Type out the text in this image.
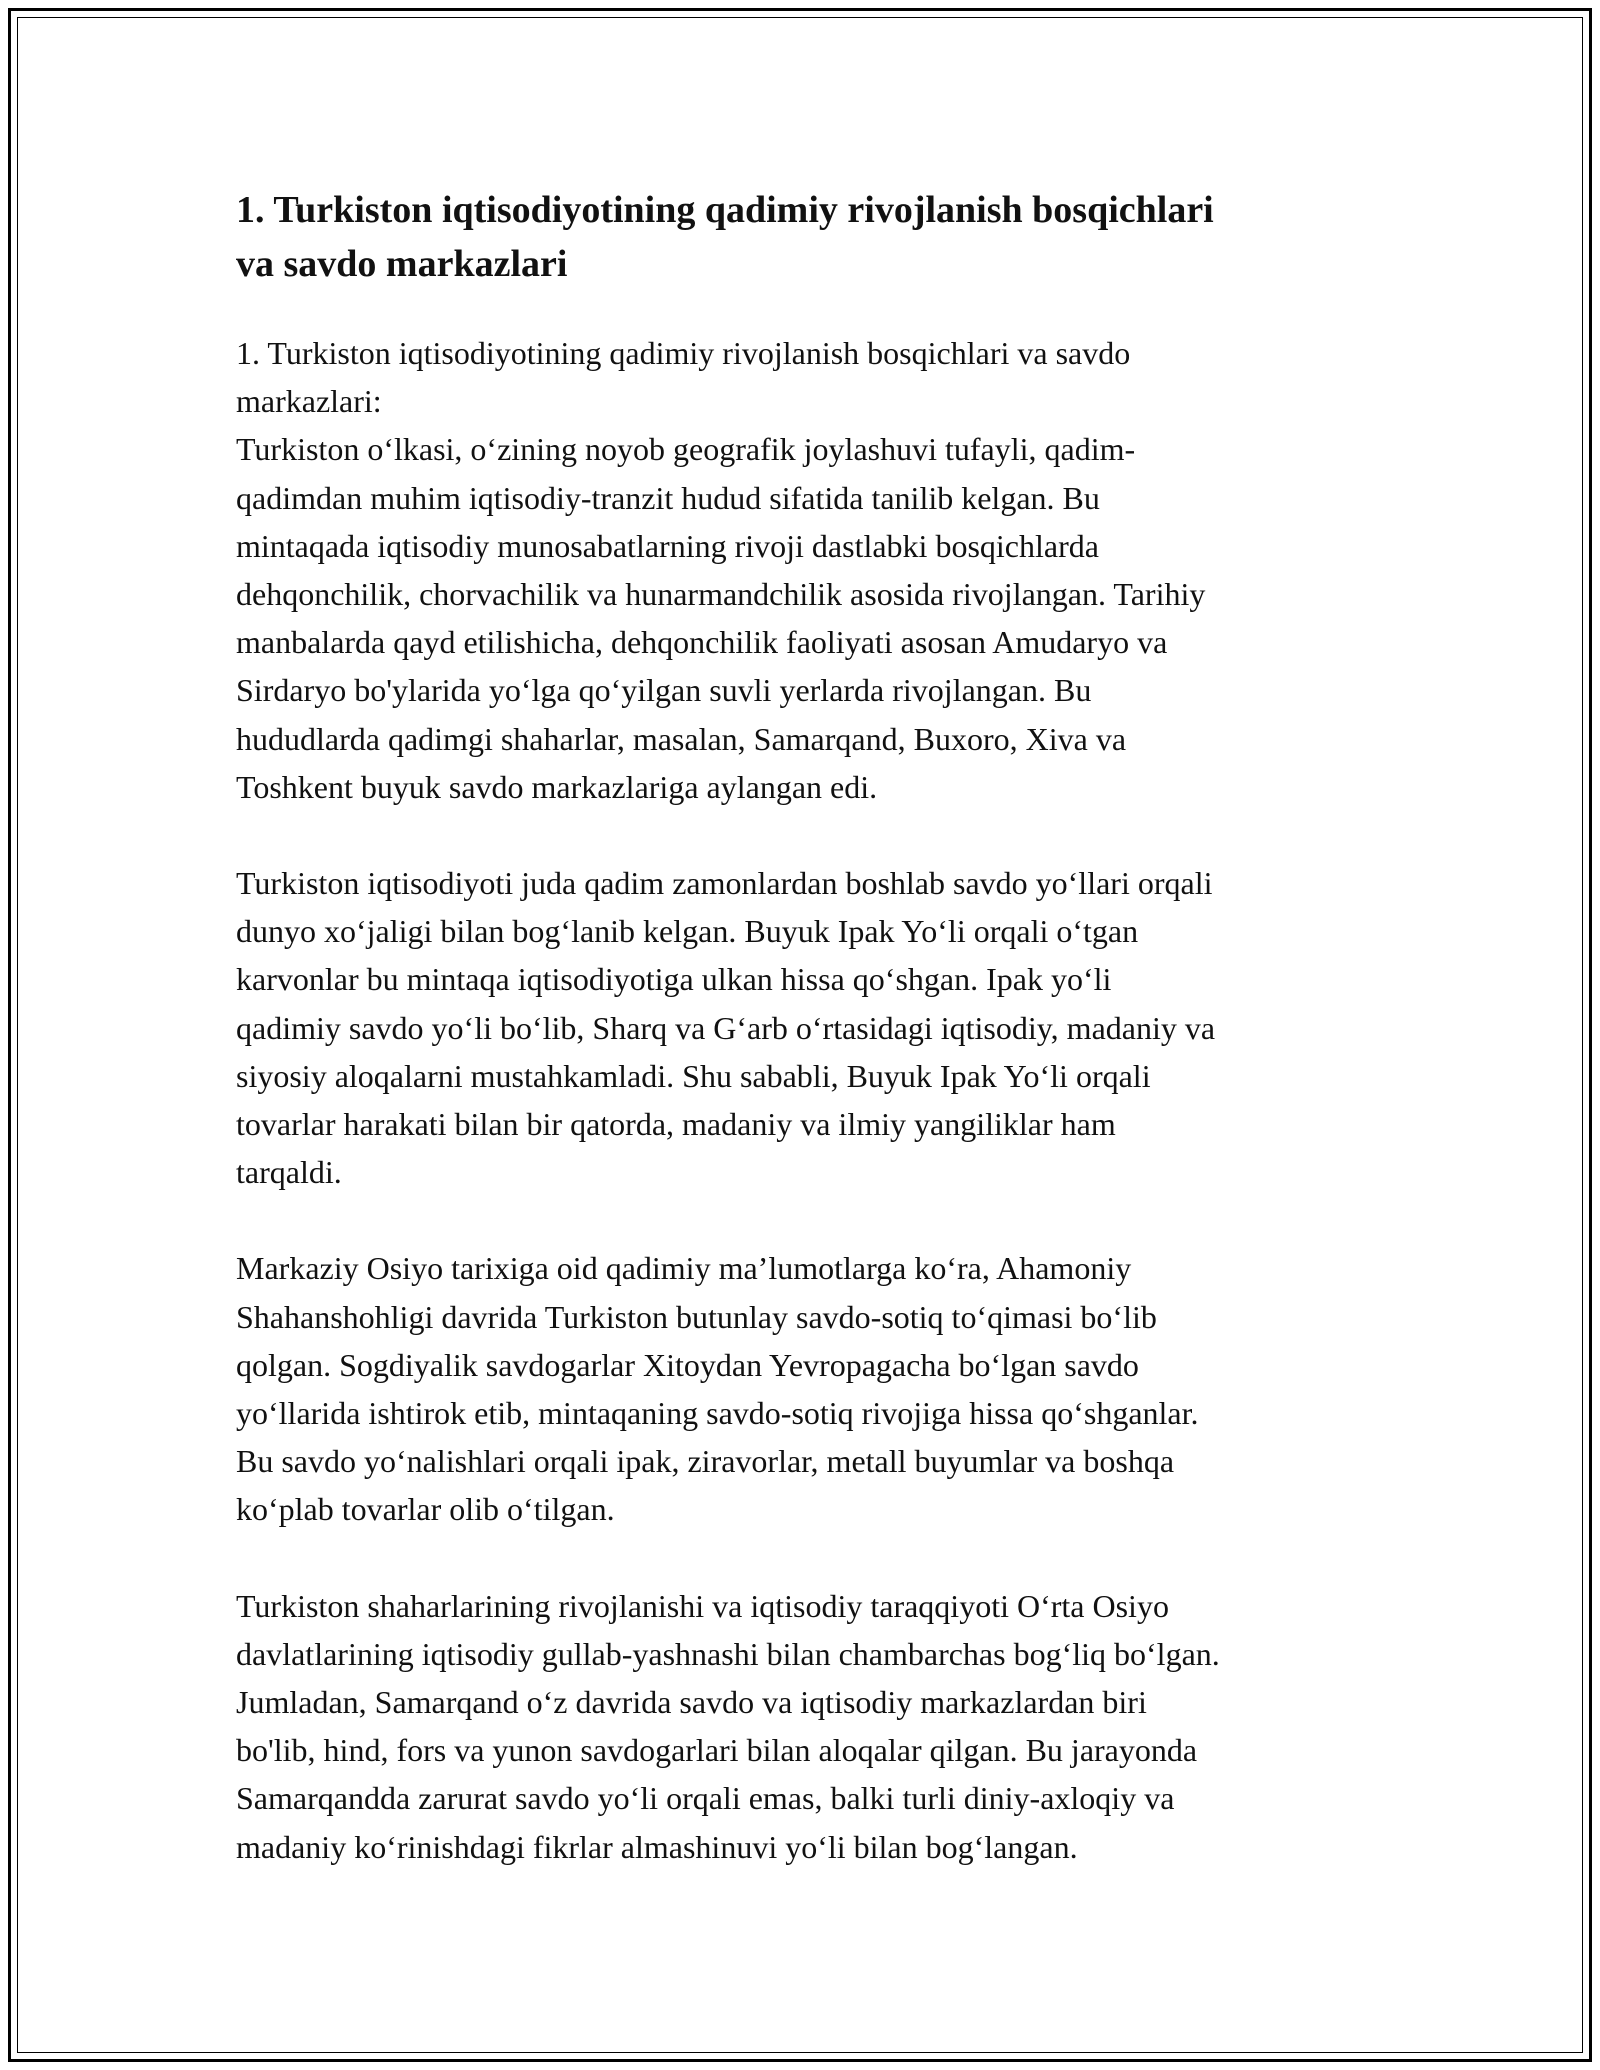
1. Turkiston iqtisodiyotining qadimiy rivojlanish bosqichlari
va savdo markazlari

1. Turkiston iqtisodiyotining qadimiy rivojlanish bosqichlari va savdo
markazlari:
Turkiston o‘lkasi, o‘zining noyob geografik joylashuvi tufayli, qadim-
qadimdan muhim iqtisodiy-tranzit hudud sifatida tanilib kelgan. Bu
mintaqada iqtisodiy munosabatlarning rivoji dastlabki bosqichlarda
dehqonchilik, chorvachilik va hunarmandchilik asosida rivojlangan. Tarihiy
manbalarda qayd etilishicha, dehqonchilik faoliyati asosan Amudaryo va
Sirdaryo bo'ylarida yo‘lga qo‘yilgan suvli yerlarda rivojlangan. Bu
hududlarda qadimgi shaharlar, masalan, Samarqand, Buxoro, Xiva va
Toshkent buyuk savdo markazlariga aylangan edi.

Turkiston iqtisodiyoti juda qadim zamonlardan boshlab savdo yo‘llari orqali
dunyo xo‘jaligi bilan bog‘lanib kelgan. Buyuk Ipak Yo‘li orqali o‘tgan
karvonlar bu mintaqa iqtisodiyotiga ulkan hissa qo‘shgan. Ipak yo‘li
qadimiy savdo yo‘li bo‘lib, Sharq va G‘arb o‘rtasidagi iqtisodiy, madaniy va
siyosiy aloqalarni mustahkamladi. Shu sababli, Buyuk Ipak Yo‘li orqali
tovarlar harakati bilan bir qatorda, madaniy va ilmiy yangiliklar ham
tarqaldi.

Markaziy Osiyo tarixiga oid qadimiy ma’lumotlarga ko‘ra, Ahamoniy
Shahanshohligi davrida Turkiston butunlay savdo-sotiq to‘qimasi bo‘lib
qolgan. Sogdiyalik savdogarlar Xitoydan Yevropagacha bo‘lgan savdo
yo‘llarida ishtirok etib, mintaqaning savdo-sotiq rivojiga hissa qo‘shganlar.
Bu savdo yo‘nalishlari orqali ipak, ziravorlar, metall buyumlar va boshqa
ko‘plab tovarlar olib o‘tilgan.

Turkiston shaharlarining rivojlanishi va iqtisodiy taraqqiyoti O‘rta Osiyo
davlatlarining iqtisodiy gullab-yashnashi bilan chambarchas bog‘liq bo‘lgan.
Jumladan, Samarqand o‘z davrida savdo va iqtisodiy markazlardan biri
bo'lib, hind, fors va yunon savdogarlari bilan aloqalar qilgan. Bu jarayonda
Samarqandda zarurat savdo yo‘li orqali emas, balki turli diniy-axloqiy va
madaniy ko‘rinishdagi fikrlar almashinuvi yo‘li bilan bog‘langan.
